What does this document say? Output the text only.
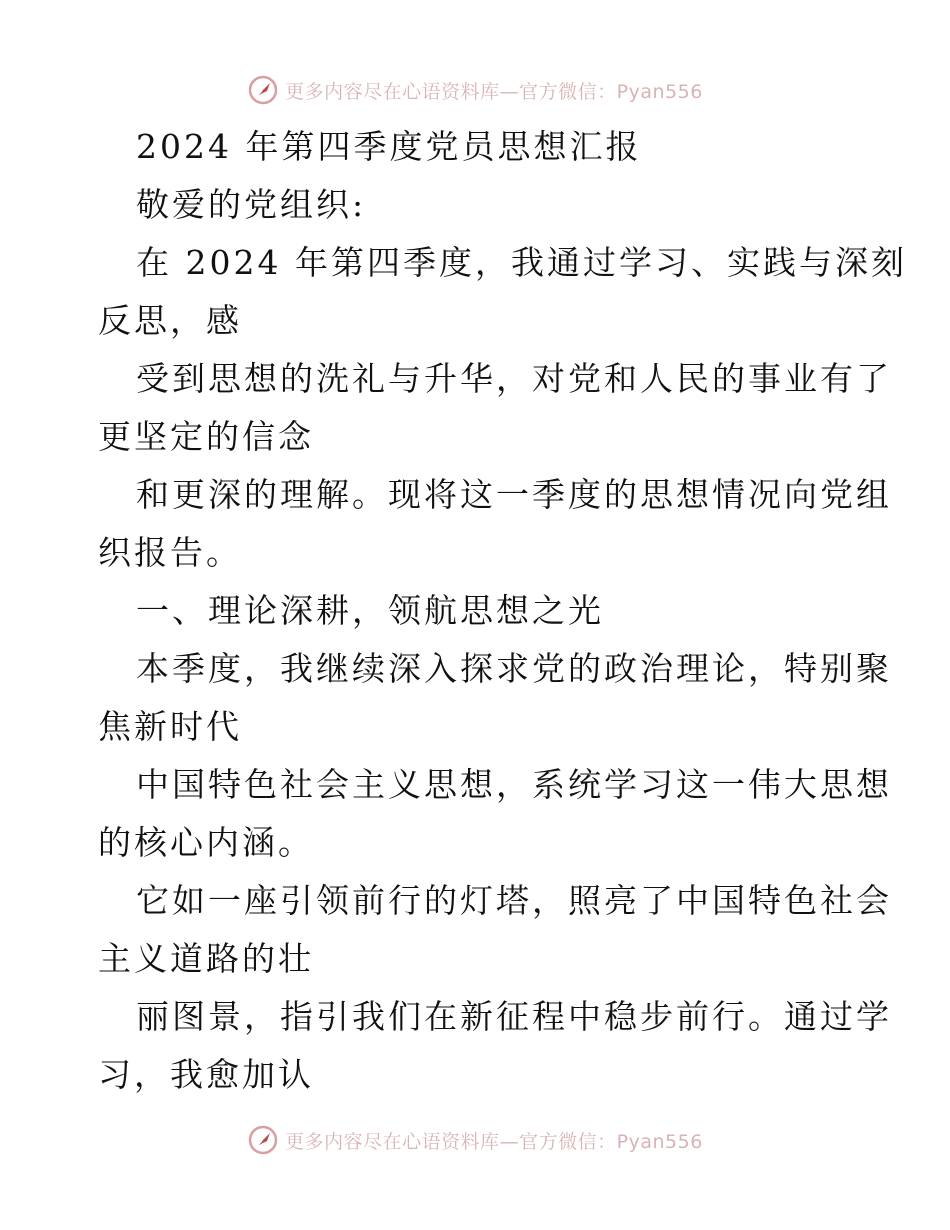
更多内容尽在心语资料库—官方微信：Pyan556
2024 年第四季度党员思想汇报
敬爱的党组织:
在 2024 年第四季度，我通过学习、实践与深刻
反思，感
受到思想的洗礼与升华，对党和人民的事业有了
更坚定的信念
和更深的理解。现将这一季度的思想情况向党组
织报告。
一、理论深耕，领航思想之光
本季度，我继续深入探求党的政治理论，特别聚
焦新时代
中国特色社会主义思想，系统学习这一伟大思想
的核心内涵。
它如一座引领前行的灯塔，照亮了中国特色社会
主义道路的壮
丽图景，指引我们在新征程中稳步前行。通过学
习，我愈加认
更多内容尽在心语资料库—官方微信：Pyan556
